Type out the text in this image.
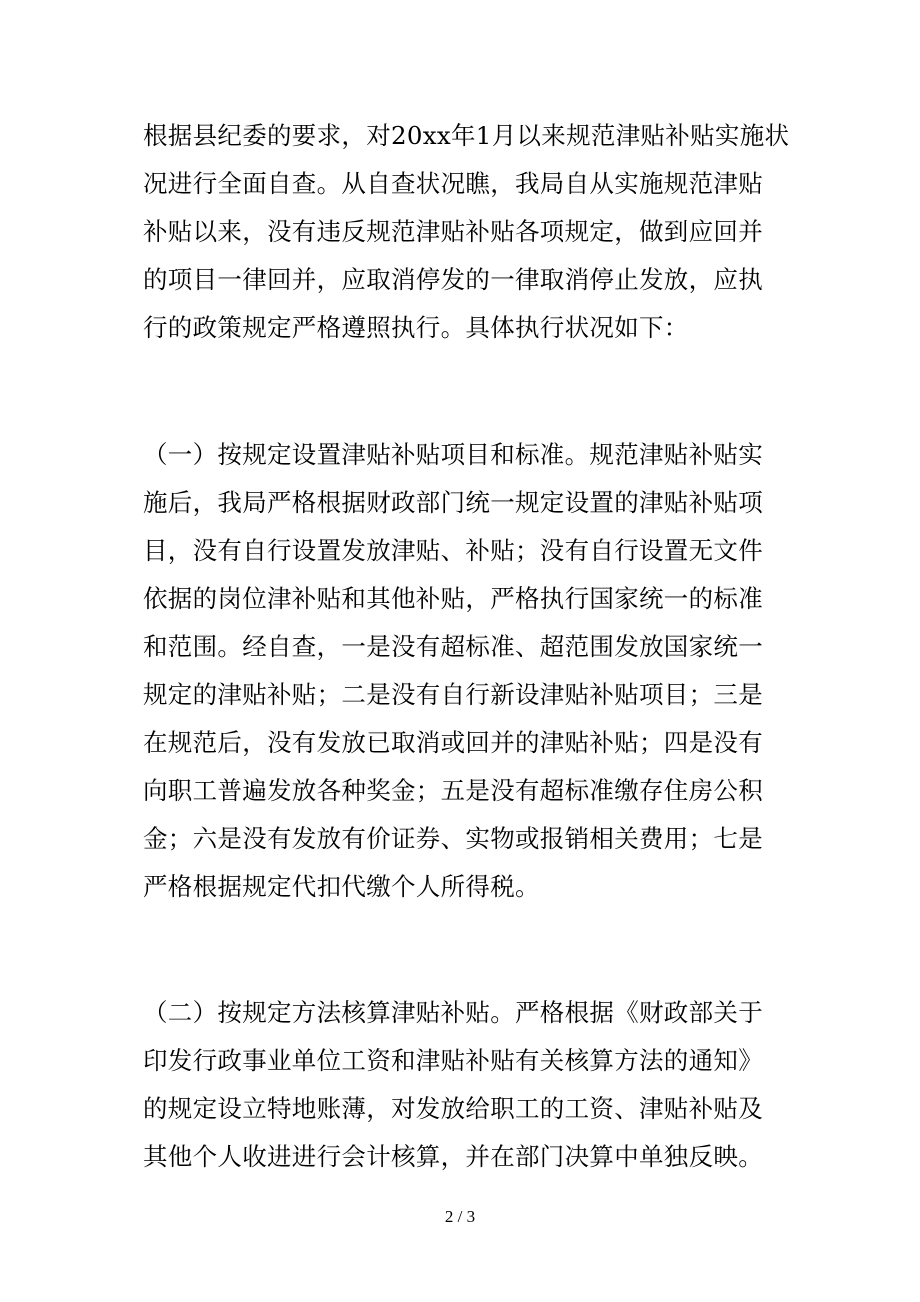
根据县纪委的要求，对20xx年1月以来规范津贴补贴实施状
况进行全面自查。从自查状况瞧，我局自从实施规范津贴
补贴以来，没有违反规范津贴补贴各项规定，做到应回并
的项目一律回并，应取消停发的一律取消停止发放，应执
行的政策规定严格遵照执行。具体执行状况如下：
（一）按规定设置津贴补贴项目和标准。规范津贴补贴实
施后，我局严格根据财政部门统一规定设置的津贴补贴项
目，没有自行设置发放津贴、补贴；没有自行设置无文件
依据的岗位津补贴和其他补贴，严格执行国家统一的标准
和范围。经自查，一是没有超标准、超范围发放国家统一
规定的津贴补贴；二是没有自行新设津贴补贴项目；三是
在规范后，没有发放已取消或回并的津贴补贴；四是没有
向职工普遍发放各种奖金；五是没有超标准缴存住房公积
金；六是没有发放有价证券、实物或报销相关费用；七是
严格根据规定代扣代缴个人所得税。
（二）按规定方法核算津贴补贴。严格根据《财政部关于
印发行政事业单位工资和津贴补贴有关核算方法的通知》
的规定设立特地账薄，对发放给职工的工资、津贴补贴及
其他个人收进进行会计核算，并在部门决算中单独反映。
2 / 3
